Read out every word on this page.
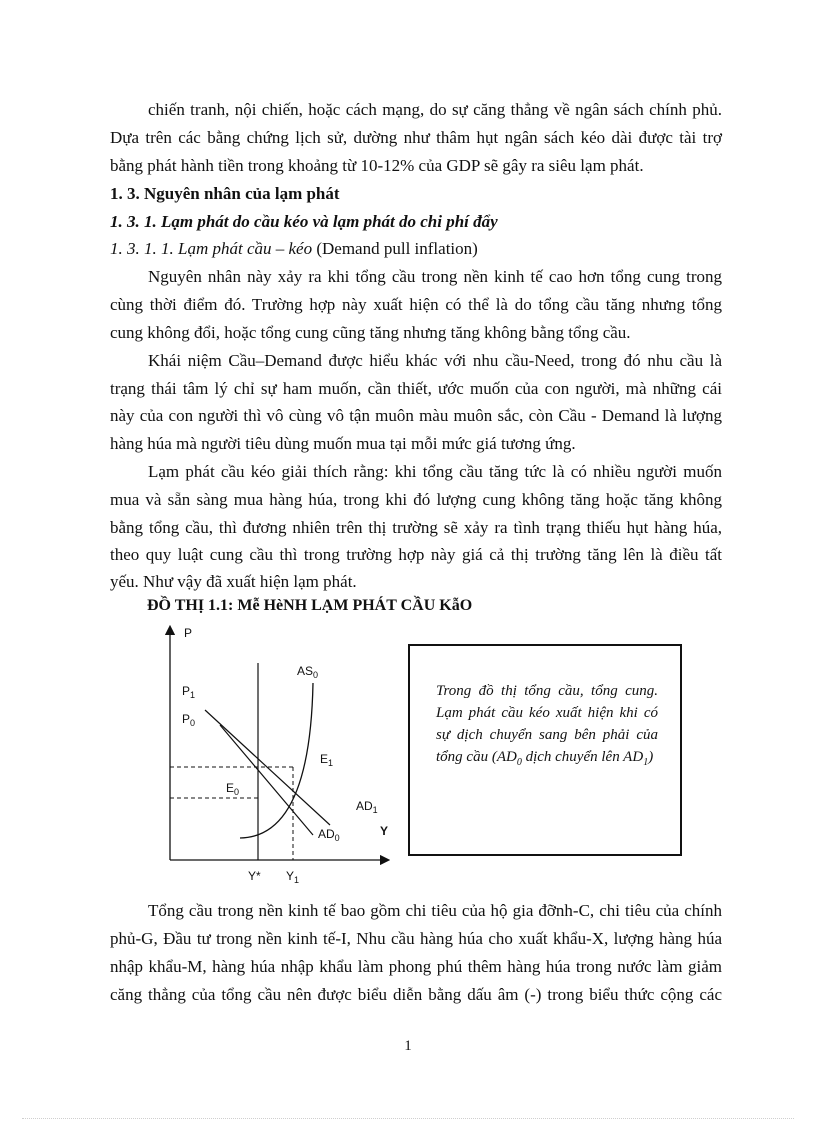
chiến tranh, nội chiến, hoặc cách mạng, do sự căng thẳng về ngân sách chính phủ.
Dựa trên các bằng chứng lịch sử, dường như thâm hụt ngân sách kéo dài được tài trợ
bằng phát hành tiền trong khoảng từ 10-12% của GDP sẽ gây ra siêu lạm phát.
1. 3. Nguyên nhân của lạm phát
1. 3. 1. Lạm phát do cầu kéo và lạm phát do chi phí đẩy
1. 3. 1. 1. Lạm phát cầu – kéo (Demand pull inflation)
Nguyên nhân này xảy ra khi tổng cầu trong nền kinh tế cao hơn tổng cung trong
cùng thời điểm đó. Trường hợp này xuất hiện có thể là do tổng cầu tăng nhưng tổng
cung không đổi, hoặc tổng cung cũng tăng nhưng tăng không bằng tổng cầu.
Khái niệm Cầu–Demand được hiểu khác với nhu cầu-Need, trong đó nhu cầu là
trạng thái tâm lý chỉ sự ham muốn, cần thiết, ước muốn của con người, mà những cái
này của con người thì vô cùng vô tận muôn màu muôn sắc, còn Cầu - Demand là lượng
hàng húa mà người tiêu dùng muốn mua tại mỗi mức giá tương ứng.
Lạm phát cầu kéo giải thích rằng: khi tổng cầu tăng tức là có nhiều người muốn
mua và sẵn sàng mua hàng húa, trong khi đó lượng cung không tăng hoặc tăng không
bằng tổng cầu, thì đương nhiên trên thị trường sẽ xảy ra tình trạng thiếu hụt hàng húa,
theo quy luật cung cầu thì trong trường hợp này giá cả thị trường tăng lên là điều tất
yếu. Như vậy đã xuất hiện lạm phát.
ĐỒ THỊ 1.1: Mễ HèNH LẠM PHÁT CẦU KẫO
P
Y
$P_1$
$P_0$
$AS_0$
$E_1$
$E_0$
$AD_1$
$AD_0$
Y* $Y_1$
Trong đồ thị tổng cầu, tổng cung. Lạm phát cầu kéo xuất hiện khi có sự dịch chuyển sang bên phải của tổng cầu ($AD_0$ dịch chuyển lên $AD_1$)
Tổng cầu trong nền kinh tế bao gồm chi tiêu của hộ gia đỡnh-C, chi tiêu của chính
phủ-G, Đầu tư trong nền kinh tế-I, Nhu cầu hàng húa cho xuất khẩu-X, lượng hàng húa
nhập khẩu-M, hàng húa nhập khẩu làm phong phú thêm hàng húa trong nước làm giảm
căng thẳng của tổng cầu nên được biểu diễn bằng dấu âm (-) trong biểu thức cộng các
1
